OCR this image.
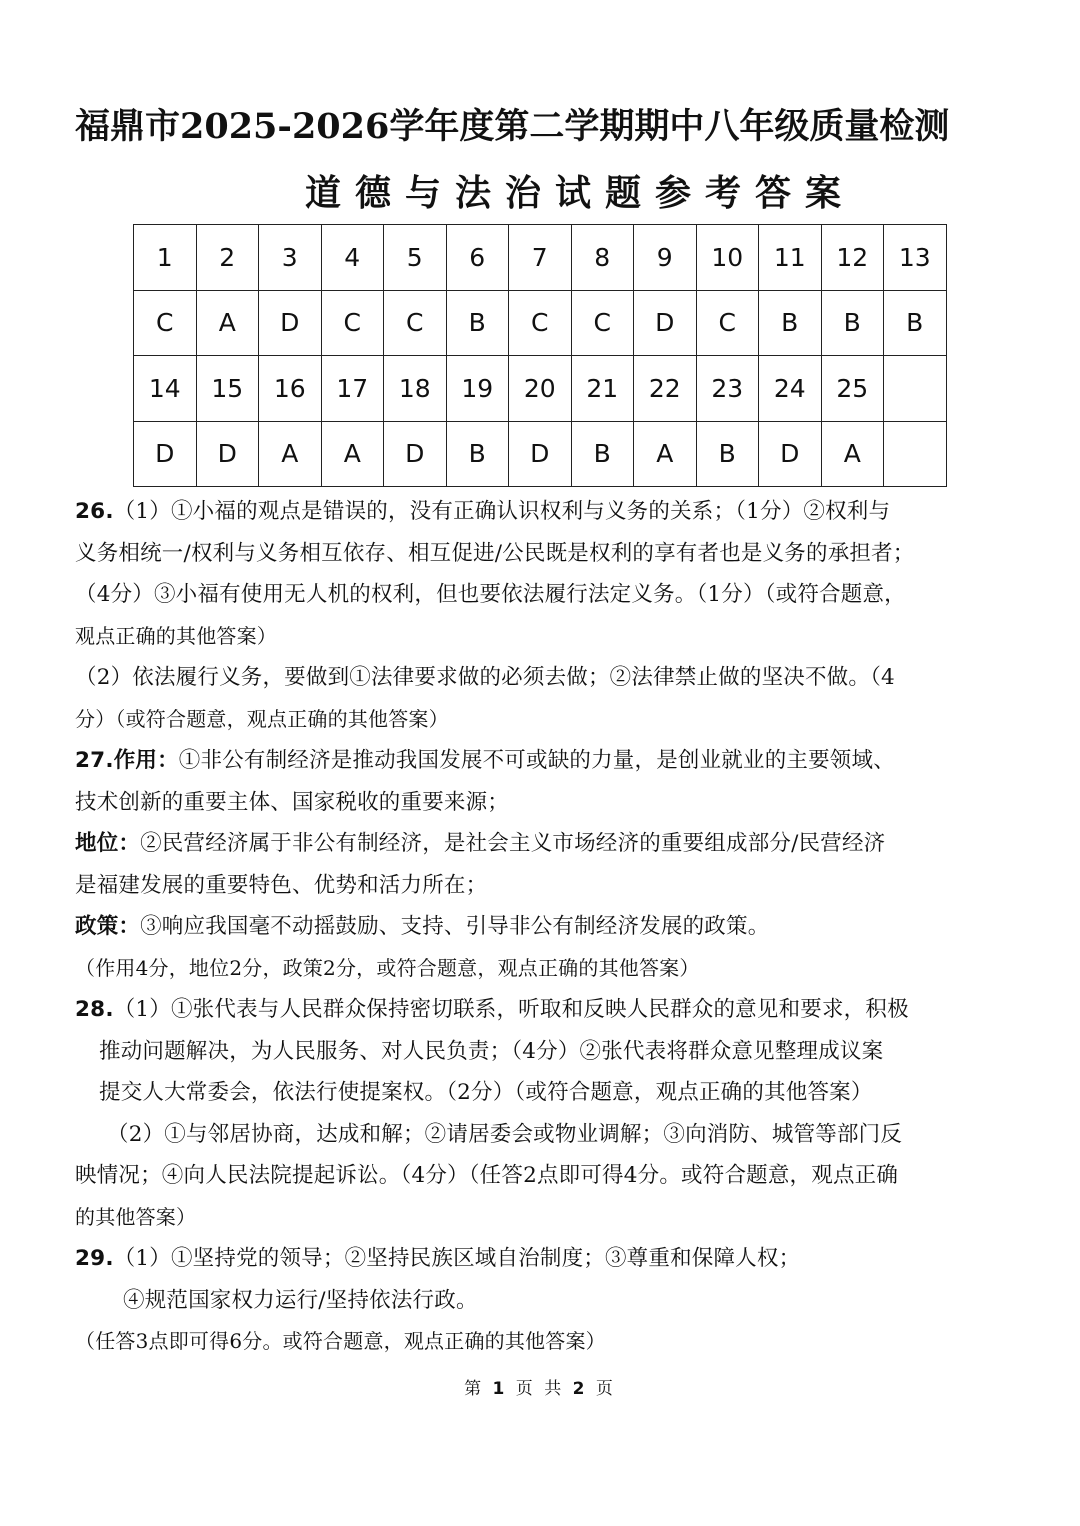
福鼎市2025-2026学年度第二学期期中八年级质量检测
道德与法治试题参考答案
1	2	3	4	5	6	7	8	9	10	11	12	13
C	A	D	C	C	B	C	C	D	C	B	B	B
14	15	16	17	18	19	20	21	22	23	24	25	
D	D	A	A	D	B	D	B	A	B	D	A	
26.（1）①小福的观点是错误的，没有正确认识权利与义务的关系；（1分）②权利与
义务相统一/权利与义务相互依存、相互促进/公民既是权利的享有者也是义务的承担者；
（4分）③小福有使用无人机的权利，但也要依法履行法定义务。（1分）（或符合题意，
观点正确的其他答案）
（2）依法履行义务，要做到①法律要求做的必须去做；②法律禁止做的坚决不做。（4
分）（或符合题意，观点正确的其他答案）
27.作用：①非公有制经济是推动我国发展不可或缺的力量，是创业就业的主要领域、
技术创新的重要主体、国家税收的重要来源；
地位：②民营经济属于非公有制经济，是社会主义市场经济的重要组成部分/民营经济
是福建发展的重要特色、优势和活力所在；
政策：③响应我国毫不动摇鼓励、支持、引导非公有制经济发展的政策。
（作用4分，地位2分，政策2分，或符合题意，观点正确的其他答案）
28.（1）①张代表与人民群众保持密切联系，听取和反映人民群众的意见和要求，积极
推动问题解决，为人民服务、对人民负责；（4分）②张代表将群众意见整理成议案
提交人大常委会，依法行使提案权。（2分）（或符合题意，观点正确的其他答案）
（2）①与邻居协商，达成和解；②请居委会或物业调解；③向消防、城管等部门反
映情况；④向人民法院提起诉讼。（4分）（任答2点即可得4分。或符合题意，观点正确
的其他答案）
29.（1）①坚持党的领导；②坚持民族区域自治制度；③尊重和保障人权；
④规范国家权力运行/坚持依法行政。
（任答3点即可得6分。或符合题意，观点正确的其他答案）
第 1 页 共 2 页
